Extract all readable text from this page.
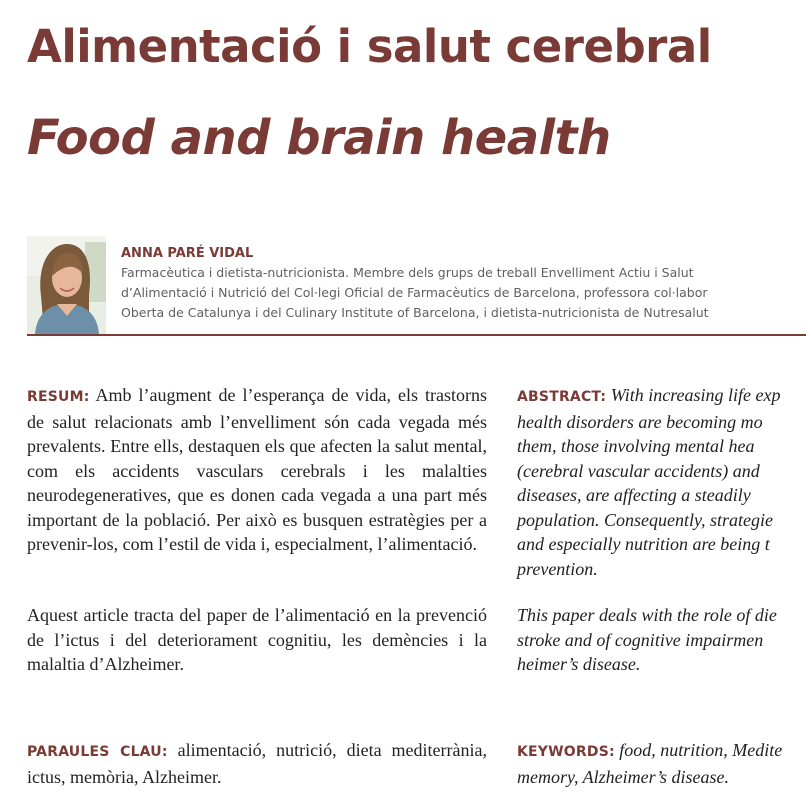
Alimentació i salut cerebral
Food and brain health
ANNA PARÉ VIDAL
Farmacèutica i dietista-nutricionista. Membre dels grups de treball Envelliment Actiu i Salut
d’Alimentació i Nutrició del Col·legi Oficial de Farmacèutics de Barcelona, professora col·labor
Oberta de Catalunya i del Culinary Institute of Barcelona, i dietista-nutricionista de Nutresalut

RESUM: Amb l’augment de l’esperança de vida, els trastorns de salut relacionats amb l’envelliment són cada vegada més prevalents. Entre ells, destaquen els que afecten la salut mental, com els accidents vasculars cerebrals i les malalties neurodegeneratives, que es donen cada vegada a una part més important de la població. Per això es busquen estratègies per a prevenir-los, com l’estil de vida i, especialment, l’alimentació.

Aquest article tracta del paper de l’alimentació en la prevenció de l’ictus i del deteriorament cognitiu, les demències i la malaltia d’Alzheimer.

PARAULES CLAU: alimentació, nutrició, dieta mediterrània, ictus, memòria, Alzheimer.

ABSTRACT: With increasing life exp
health disorders are becoming mo
them, those involving mental hea
(cerebral vascular accidents) and
diseases, are affecting a steadily
population. Consequently, strategie
and especially nutrition are being t
prevention.
This paper deals with the role of die
stroke and of cognitive impairmen
heimer’s disease.
KEYWORDS: food, nutrition, Medite
memory, Alzheimer’s disease.
